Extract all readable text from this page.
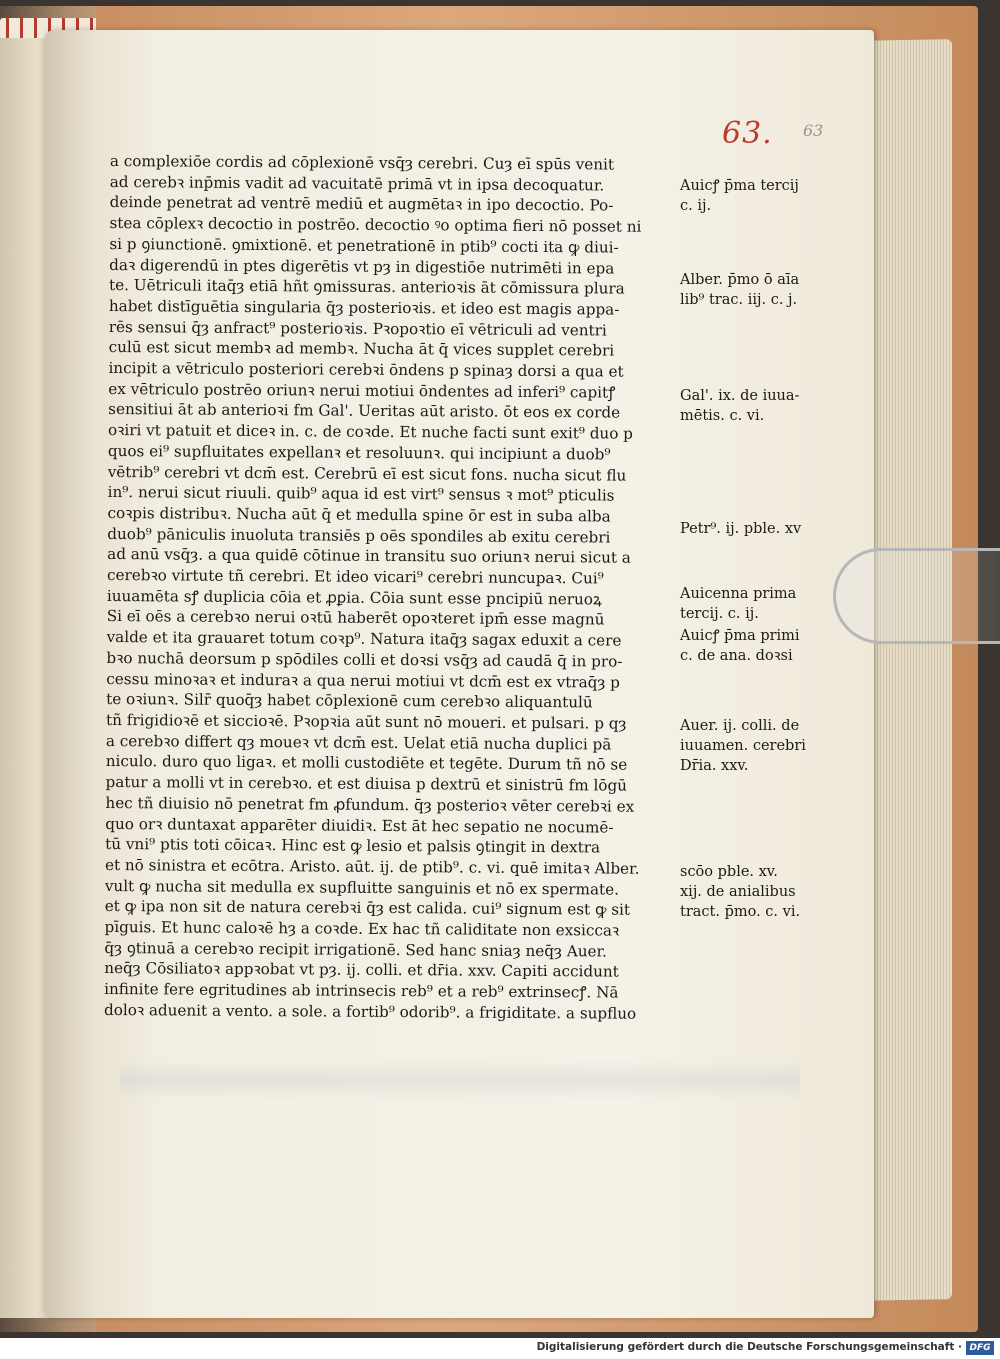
63. 63
a complexiōe cordis ad cōplexionē vsq̄ȝ cerebri. Cuȝ eī spūs venit
ad cerebꝛ inp̄mis vadit ad vacuitatē primā vt in ipsa decoquatur.
deinde penetrat ad ventrē mediū et augmētaꝛ in ipo decoctio. Po-
stea cōplexꝛ decoctio in postrēo. decoctio ꝰo optima fieri nō posset ni
si p ꝯiunctionē. ꝯmixtionē. et penetrationē in ptib⁹ cocti ita ꝙ diui-
daꝛ digerendū in ptes digerētis vt pȝ in digestiōe nutrimēti in epa
te. Uētriculi itaq̄ȝ etiā hñt ꝯmissuras. anterioꝛis āt cōmissura plura
habet distīguētia singularia q̄ȝ posterioꝛis. et ideo est magis appa-
rēs sensui q̄ȝ anfract⁹ posterioꝛis. Pꝛopoꝛtio eī vētriculi ad ventri
culū est sicut membꝛ ad membꝛ. Nucha āt q̄ vices supplet cerebri
incipit a vētriculo posteriori cerebꝛi ōndens p spinaȝ dorsi a qua et
ex vētriculo postrēo oriunꝛ nerui motiui ōndentes ad inferi⁹ capitꝭ
sensitiui āt ab anterioꝛi fm Gal'. Ueritas aūt aristo. ōt eos ex corde
oꝛiri vt patuit et diceꝛ in. c. de coꝛde. Et nuche facti sunt exit⁹ duo p
quos ei⁹ supfluitates expellanꝛ et resoluunꝛ. qui incipiunt a duob⁹
vētrib⁹ cerebri vt dcm̄ est. Cerebrū eī est sicut fons. nucha sicut flu
in⁹. nerui sicut riuuli. quib⁹ aqua id est virt⁹ sensus ꝛ mot⁹ pticulis
coꝛpis distribuꝛ. Nucha aūt q̄ et medulla spine ōr est in suba alba
duob⁹ pāniculis inuoluta transiēs p oēs spondiles ab exitu cerebri
ad anū vsq̄ȝ. a qua quidē cōtinue in transitu suo oriunꝛ nerui sicut a
cerebꝛo virtute tñ cerebri. Et ideo vicari⁹ cerebri nuncupaꝛ. Cui⁹
iuuamēta sꝭ duplicia cōia et ꝓꝑia. Cōia sunt esse pncipiū neruoꝝ
Si eī oēs a cerebꝛo nerui oꝛtū haberēt opoꝛteret ipm̄ esse magnū
valde et ita grauaret totum coꝛp⁹. Natura itaq̄ȝ sagax eduxit a cere
bꝛo nuchā deorsum p spōdiles colli et doꝛsi vsq̄ȝ ad caudā q̄ in pro-
cessu minoꝛaꝛ et induraꝛ a qua nerui motiui vt dcm̄ est ex vtraq̄ȝ p
te oꝛiunꝛ. Silr̄ quoq̄ȝ habet cōplexionē cum cerebꝛo aliquantulū
tñ frigidioꝛē et siccioꝛē. Pꝛopꝛia aūt sunt nō moueri. et pulsari. p qȝ
a cerebꝛo differt qȝ moueꝛ vt dcm̄ est. Uelat etiā nucha duplici pā
niculo. duro quo ligaꝛ. et molli custodiēte et tegēte. Durum tñ nō se
patur a molli vt in cerebꝛo. et est diuisa p dextrū et sinistrū fm lōgū
hec tñ diuisio nō penetrat fm ꝓfundum. q̄ȝ posterioꝛ vēter cerebꝛi ex
quo orꝛ duntaxat apparēter diuidiꝛ. Est āt hec sepatio ne nocumē-
tū vni⁹ ptis toti cōicaꝛ. Hinc est ꝙ lesio et palsis ꝯtingit in dextra
et nō sinistra et ecōtra. Aristo. aūt. ij. de ptib⁹. c. vi. quē imitaꝛ Alber.
vult ꝙ nucha sit medulla ex supfluitte sanguinis et nō ex spermate.
et ꝙ ipa non sit de natura cerebꝛi q̄ȝ est calida. cui⁹ signum est ꝙ sit
pīguis. Et hunc caloꝛē hȝ a coꝛde. Ex hac tñ caliditate non exsiccaꝛ
q̄ȝ ꝯtinuā a cerebꝛo recipit irrigationē. Sed hanc sniaȝ neq̄ȝ Auer.
neq̄ȝ Cōsiliatoꝛ appꝛobat vt pȝ. ij. colli. et dr̄ia. xxv. Capiti accidunt
infinite fere egritudines ab intrinsecis reb⁹ et a reb⁹ extrinsecꝭ. Nā
doloꝛ aduenit a vento. a sole. a fortib⁹ odorib⁹. a frigiditate. a supfluo
Auicꝭ p̄ma tercij
c. ij.
Alber. p̄mo ō aīa
lib⁹ trac. iij. c. j.
Gal'. ix. de iuua-
mētis. c. vi.
Petr⁹. ij. pble. xv
Auicenna prima
tercij. c. ij.
Auicꝭ p̄ma primi
c. de ana. doꝛsi
Auer. ij. colli. de
iuuamen. cerebri
Dr̄ia. xxv.
scōo pble. xv.
xij. de anialibus
tract. p̄mo. c. vi.
Digitalisierung gefördert durch die Deutsche Forschungsgemeinschaft · DFG
